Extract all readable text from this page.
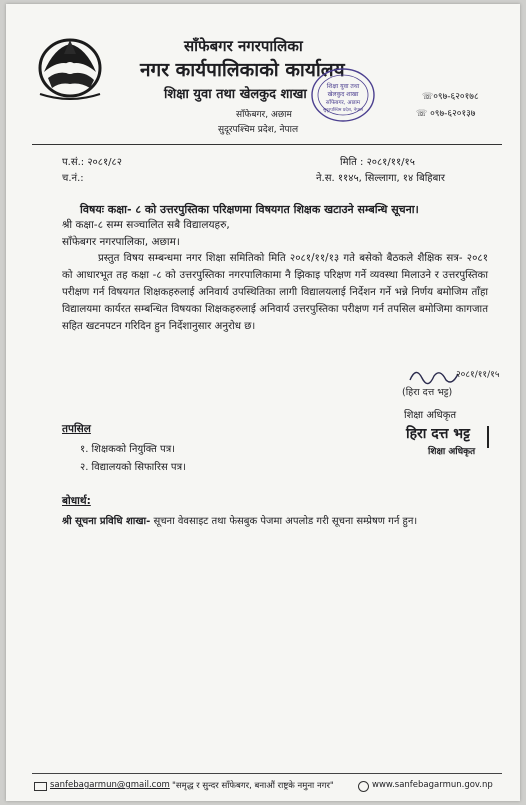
साँफेबगर नगरपालिका
नगर कार्यपालिकाको कार्यालय
शिक्षा युवा तथा खेलकुद शाखा
साँफेबगर, अछाम
सुदूरपश्चिम प्रदेश, नेपाल
☏०९७-६२०१७८
☏ ०९७-६२०१३७
शिक्षा युवा तथा
खेलकुद शाखा
साँफेबगर, अछाम
सुदूरपश्चिम प्रदेश, नेपाल
प.सं.: २०८१/८२
च.नं.:
मिति : २०८१/११/१५
ने.स. ११४५, सिल्लागा, १४ बिहिबार
विषयः कक्षा- ८ को उत्तरपुस्तिका परिक्षणमा विषयगत शिक्षक खटाउने सम्बन्धि सूचना।
श्री कक्षा-८ सम्म सञ्चालित सबै विद्यालयहरु,
साँफेबगर नगरपालिका, अछाम।
प्रस्तुत विषय सम्बन्धमा नगर शिक्षा समितिको मिति २०८१/११/१३ गते बसेको बैठकले शैक्षिक सत्र- २०८१ को आधारभूत तह कक्षा -८ को उत्तरपुस्तिका नगरपालिकामा नै झिकाइ परिक्षण गर्ने व्यवस्था मिलाउने र उत्तरपुस्तिका परीक्षण गर्न विषयगत शिक्षकहरुलाई अनिवार्य उपस्थितिका लागी विद्यालयलाई निर्देशन गर्ने भन्ने निर्णय बमोजिम ताँहा विद्यालयमा कार्यरत सम्बन्धित विषयका शिक्षकहरुलाई अनिवार्य उत्तरपुस्तिका परीक्षण गर्न तपसिल बमोजिमा कागजात सहित खटनपटन गरिदिन हुन निर्देशानुसार अनुरोध छ।
२०८१/११/१५
(हिरा दत्त भट्ट)
शिक्षा अधिकृत
हिरा दत्त भट्ट
शिक्षा अधिकृत
तपसिल
१. शिक्षकको नियुक्ति पत्र।
२. विद्यालयको सिफारिस पत्र।
बोधार्थ:
श्री सूचना प्रविधि शाखा- सूचना वेवसाइट तथा फेसबुक पेजमा अपलोड गरी सूचना सम्प्रेषण गर्न हुन।
sanfebagarmun@gmail.com "समृद्ध र सुन्दर साँफेबगर, बनाऔं राष्ट्रके नमुना नगर"	www.sanfebagarmun.gov.np
